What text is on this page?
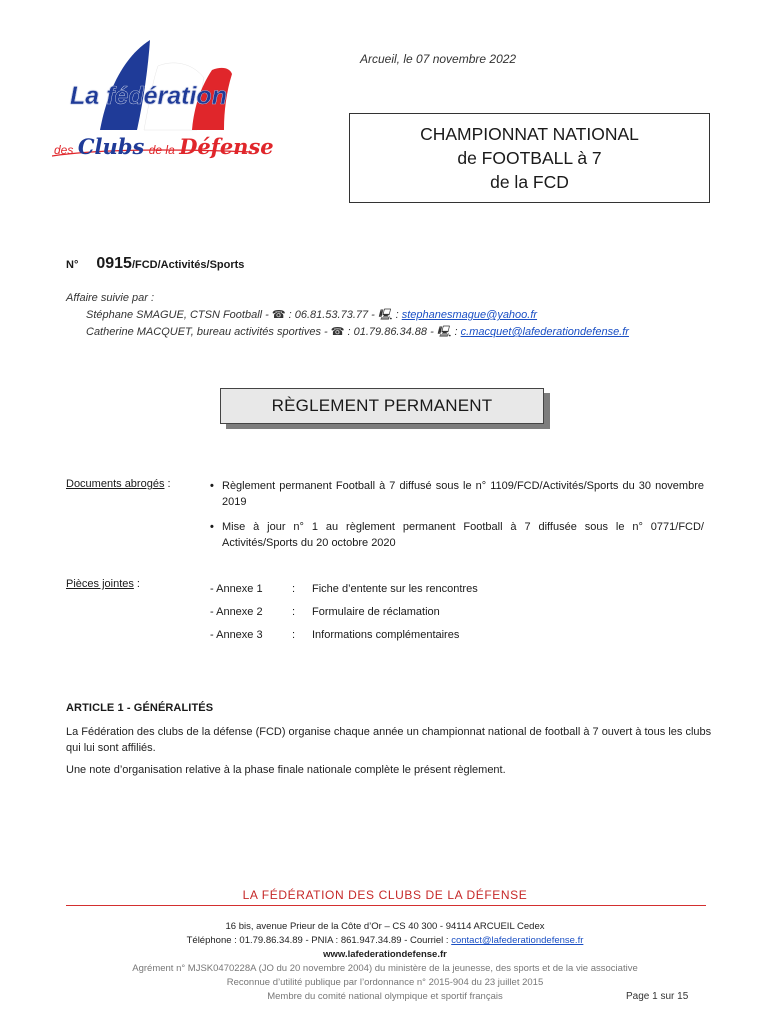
La fédération
des Clubs de la Défense
Arcueil, le 07 novembre 2022
CHAMPIONNAT NATIONAL
de FOOTBALL à 7
de la FCD
N° 0915/FCD/Activités/Sports
Affaire suivie par :
Stéphane SMAGUE, CTSN Football - ☎ : 06.81.53.73.77 - 🖳 : stephanesmague@yahoo.fr
Catherine MACQUET, bureau activités sportives - ☎ : 01.79.86.34.88 - 🖳 : c.macquet@lafederationdefense.fr
RÈGLEMENT PERMANENT
Documents abrogés :	• Règlement permanent Football à 7 diffusé sous le n° 1109/FCD/Activités/Sports du 30 novembre 2019
• Mise à jour n° 1 au règlement permanent Football à 7 diffusée sous le n° 0771/FCD/ Activités/Sports du 20 octobre 2020
Pièces jointes :	- Annexe 1	:	Fiche d’entente sur les rencontres
- Annexe 2	:	Formulaire de réclamation
- Annexe 3	:	Informations complémentaires
ARTICLE 1 - GÉNÉRALITÉS

La Fédération des clubs de la défense (FCD) organise chaque année un championnat national de football à 7 ouvert à tous les clubs qui lui sont affiliés.

Une note d’organisation relative à la phase finale nationale complète le présent règlement.

LA FÉDÉRATION DES CLUBS DE LA DÉFENSE
16 bis, avenue Prieur de la Côte d’Or – CS 40 300 - 94114 ARCUEIL Cedex
Téléphone : 01.79.86.34.89 - PNIA : 861.947.34.89 - Courriel : contact@lafederationdefense.fr
www.lafederationdefense.fr
Agrément n° MJSK0470228A (JO du 20 novembre 2004) du ministère de la jeunesse, des sports et de la vie associative
Reconnue d’utilité publique par l’ordonnance n° 2015-904 du 23 juillet 2015
Membre du comité national olympique et sportif français	Page 1 sur 15
